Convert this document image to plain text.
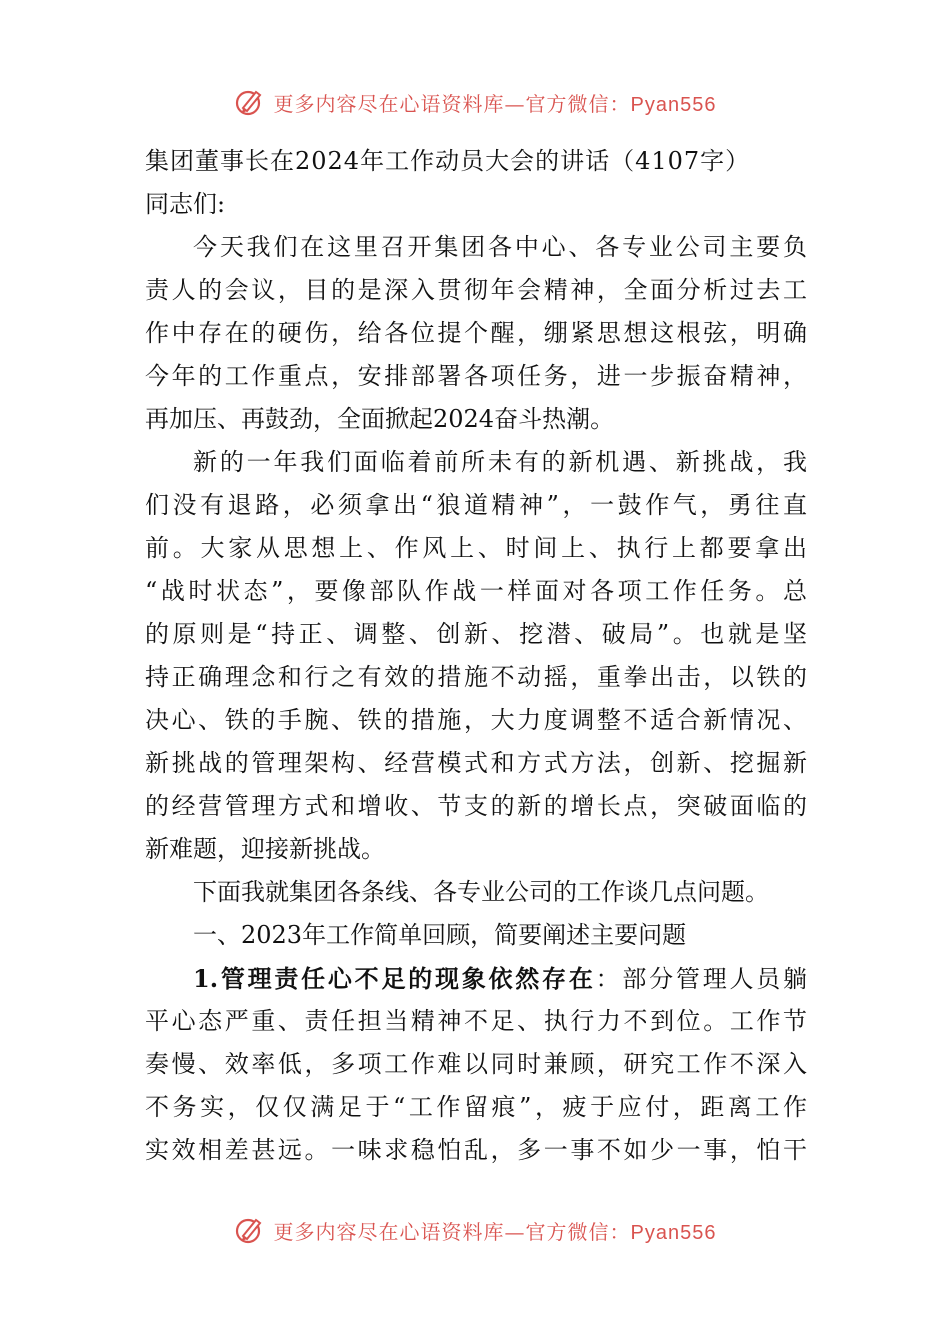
更多内容尽在心语资料库—官方微信：Pyan556
集团董事长在2024年工作动员大会的讲话（4107字）
同志们:
今天我们在这里召开集团各中心、各专业公司主要负
责人的会议，目的是深入贯彻年会精神，全面分析过去工
作中存在的硬伤，给各位提个醒，绷紧思想这根弦，明确
今年的工作重点，安排部署各项任务，进一步振奋精神，
再加压、再鼓劲，全面掀起2024奋斗热潮。
新的一年我们面临着前所未有的新机遇、新挑战，我
们没有退路，必须拿出“狼道精神”，一鼓作气，勇往直
前。大家从思想上、作风上、时间上、执行上都要拿出
“战时状态”，要像部队作战一样面对各项工作任务。总
的原则是“持正、调整、创新、挖潜、破局”。也就是坚
持正确理念和行之有效的措施不动摇，重拳出击，以铁的
决心、铁的手腕、铁的措施，大力度调整不适合新情况、
新挑战的管理架构、经营模式和方式方法，创新、挖掘新
的经营管理方式和增收、节支的新的增长点，突破面临的
新难题，迎接新挑战。
下面我就集团各条线、各专业公司的工作谈几点问题。
一、2023年工作简单回顾，简要阐述主要问题
1.管理责任心不足的现象依然存在：部分管理人员躺
平心态严重、责任担当精神不足、执行力不到位。工作节
奏慢、效率低，多项工作难以同时兼顾，研究工作不深入
不务实，仅仅满足于“工作留痕”，疲于应付，距离工作
实效相差甚远。一味求稳怕乱，多一事不如少一事，怕干
更多内容尽在心语资料库—官方微信：Pyan556
